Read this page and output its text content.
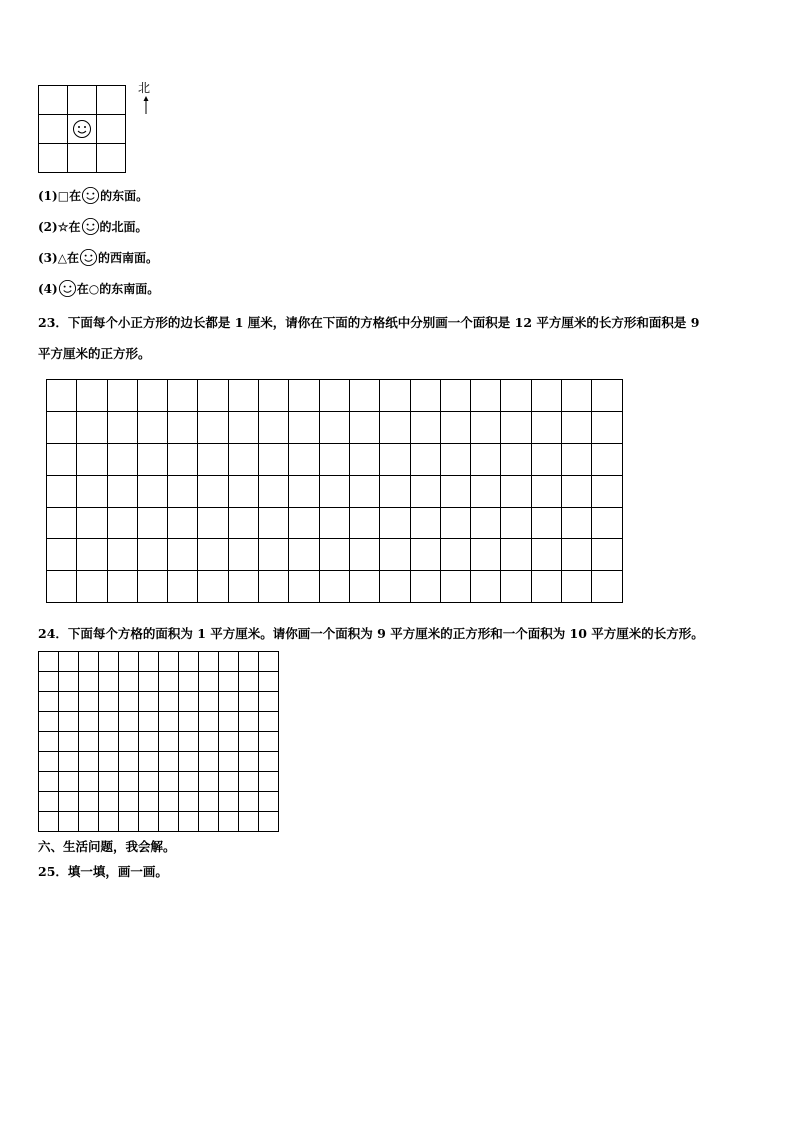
北
(1) □ 在 的东面。
(2) ☆ 在 的北面。
(3) △ 在 的西南面。
(4) 在 ○ 的东南面。
23．下面每个小正方形的边长都是 1 厘米，请你在下面的方格纸中分别画一个面积是 12 平方厘米的长方形和面积是 9
平方厘米的正方形。

24．下面每个方格的面积为 1 平方厘米。请你画一个面积为 9 平方厘米的正方形和一个面积为 10 平方厘米的长方形。

六、生活问题，我会解。
25．填一填，画一画。
